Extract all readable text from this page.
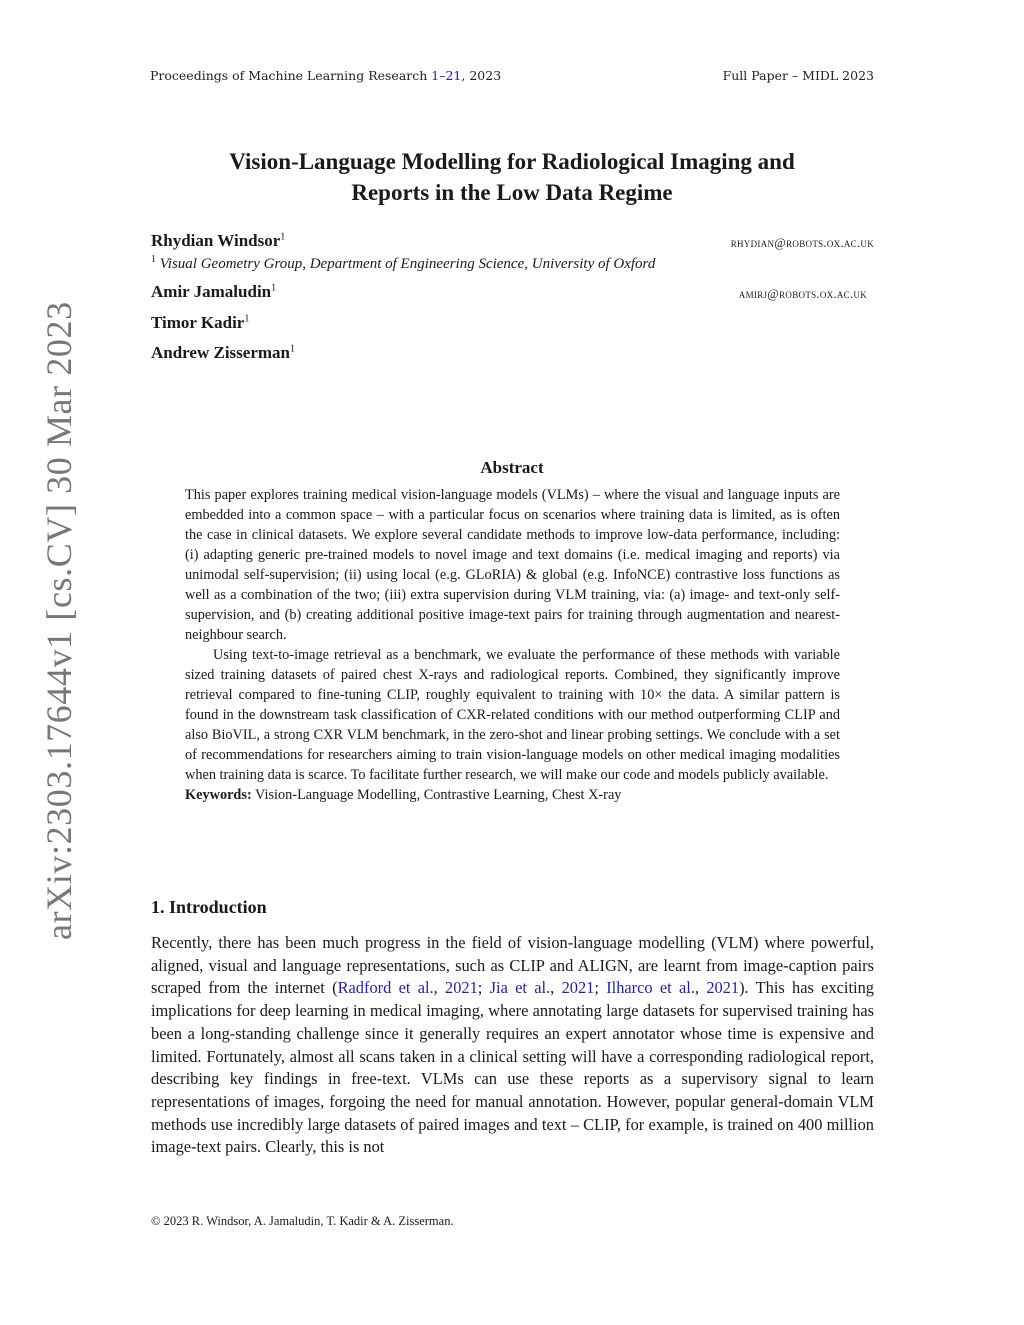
Proceedings of Machine Learning Research 1–21, 2023	Full Paper – MIDL 2023
arXiv:2303.17644v1 [cs.CV] 30 Mar 2023
Vision-Language Modelling for Radiological Imaging and
Reports in the Low Data Regime
Rhydian Windsor$^1$	rhydian@robots.ox.ac.uk
$^1$ Visual Geometry Group, Department of Engineering Science, University of Oxford
Amir Jamaludin$^1$	amirj@robots.ox.ac.uk
Timor Kadir$^1$
Andrew Zisserman$^1$
Abstract

This paper explores training medical vision-language models (VLMs) – where the visual and language inputs are embedded into a common space – with a particular focus on scenarios where training data is limited, as is often the case in clinical datasets. We explore several candidate methods to improve low-data performance, including: (i) adapting generic pre-trained models to novel image and text domains (i.e. medical imaging and reports) via unimodal self-supervision; (ii) using local (e.g. GLoRIA) & global (e.g. InfoNCE) contrastive loss functions as well as a combination of the two; (iii) extra supervision during VLM training, via: (a) image- and text-only self-supervision, and (b) creating additional positive image-text pairs for training through augmentation and nearest-neighbour search.

Using text-to-image retrieval as a benchmark, we evaluate the performance of these methods with variable sized training datasets of paired chest X-rays and radiological reports. Combined, they significantly improve retrieval compared to fine-tuning CLIP, roughly equivalent to training with 10× the data. A similar pattern is found in the downstream task classification of CXR-related conditions with our method outperforming CLIP and also BioVIL, a strong CXR VLM benchmark, in the zero-shot and linear probing settings. We conclude with a set of recommendations for researchers aiming to train vision-language models on other medical imaging modalities when training data is scarce. To facilitate further research, we will make our code and models publicly available.

Keywords: Vision-Language Modelling, Contrastive Learning, Chest X-ray

1. Introduction

Recently, there has been much progress in the field of vision-language modelling (VLM) where powerful, aligned, visual and language representations, such as CLIP and ALIGN, are learnt from image-caption pairs scraped from the internet (Radford et al., 2021; Jia et al., 2021; Ilharco et al., 2021). This has exciting implications for deep learning in medical imaging, where annotating large datasets for supervised training has been a long-standing challenge since it generally requires an expert annotator whose time is expensive and limited. Fortunately, almost all scans taken in a clinical setting will have a corresponding radiological report, describing key findings in free-text. VLMs can use these reports as a supervisory signal to learn representations of images, forgoing the need for manual annotation. However, popular general-domain VLM methods use incredibly large datasets of paired images and text – CLIP, for example, is trained on 400 million image-text pairs. Clearly, this is not

© 2023 R. Windsor, A. Jamaludin, T. Kadir & A. Zisserman.
